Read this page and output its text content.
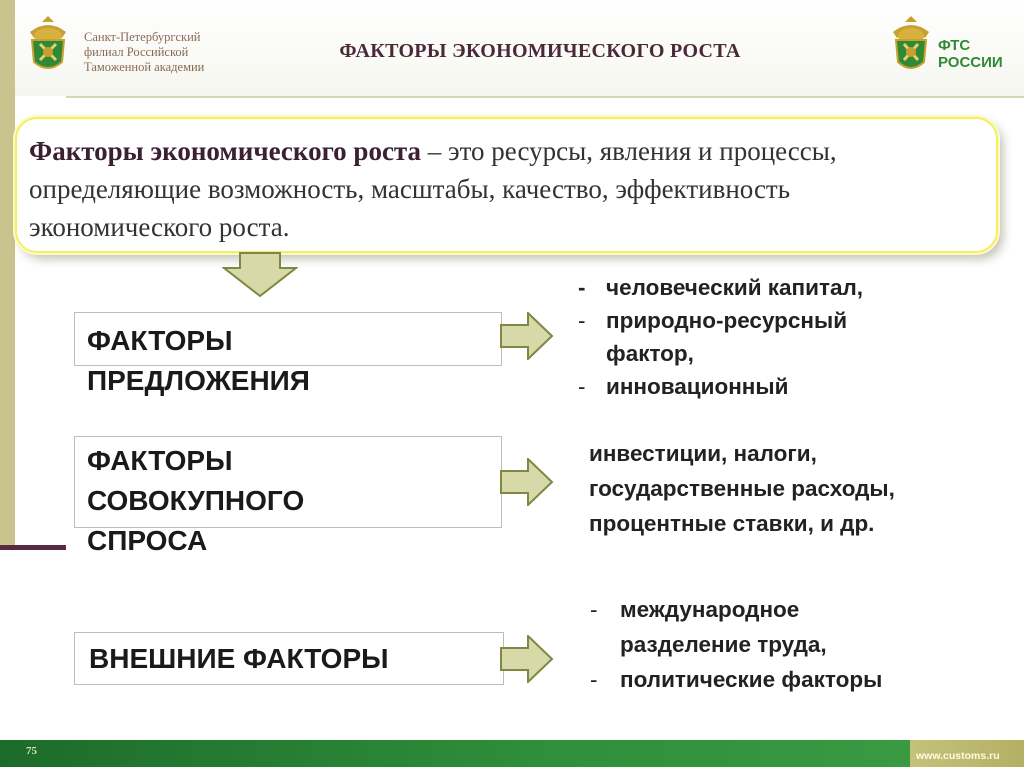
Санкт-Петербургский
филиал Российской
Таможенной академии
ФАКТОРЫ ЭКОНОМИЧЕСКОГО РОСТА	ФТС
РОССИИ
Факторы экономического роста – это ресурсы, явления и процессы, определяющие возможность, масштабы, качество, эффективность экономического роста.
ФАКТОРЫ
ПРЕДЛОЖЕНИЯ
ФАКТОРЫ
СОВОКУПНОГО
СПРОСА
ВНЕШНИЕ ФАКТОРЫ
- человеческий капитал,
- природно-ресурсный
фактор,
- инновационный
инвестиции, налоги,
государственные расходы,
процентные ставки, и др.
- международное
разделение труда,
- политические факторы
75	www.customs.ru
